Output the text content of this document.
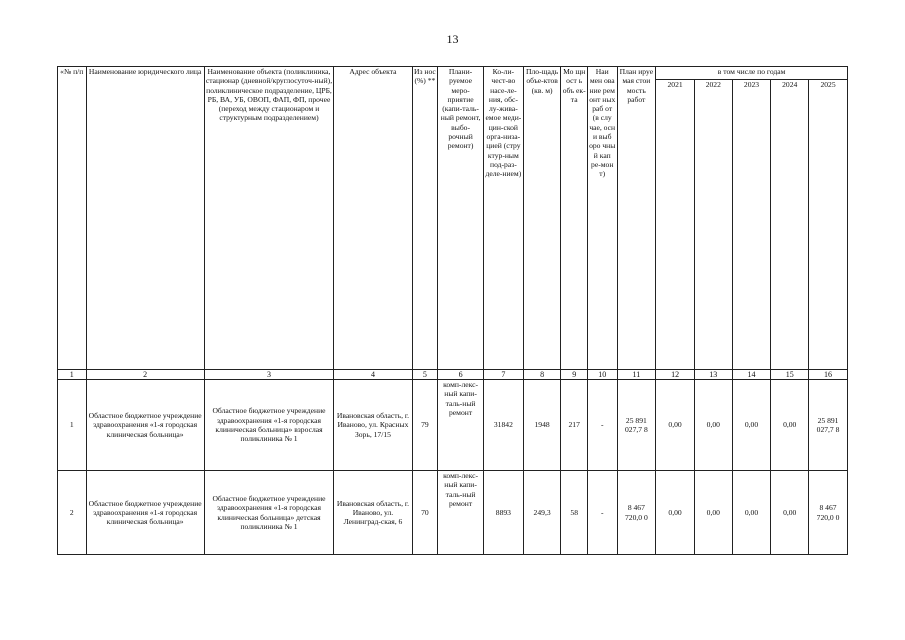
13
«№ п/п	Наименование юридического лица	Наименование объекта (поликлиника, стационар (дневной/круглосуточ-ный), поликлиническое подразделение, ЦРБ, РБ, ВА, УБ, ОВОП, ФАП, ФП, прочее (переход между стационаром и структурным подразделением)	Адрес объекта	Из нос (%) **	Плани-руемое меро-приятие (капи-таль-ный ремонт, выбо-рочный ремонт)	Ко-ли-чест-во насе-ле-ния, обс-лу-жива-емое меди-цин-ской орга-низа-цией (стру ктур-ным под-раз-деле-нием)	Пло-щадь объе-ктов (кв. м)	Мо щн ост ь объ ек-та	Наи мен ова ние рем онт ных раб от (в слу чае, осн и выб оро чны й кап ре-мон т)	План ируе мая стои мость работ	в том числе по годам				
											2021	2022	2023	2024	2025
1	2	3	4	5	6	7	8	9	10	11	12	13	14	15	16
1	Областное бюджетное учреждение здравоохранения «1-я городская клиническая больница»	Областное бюджетное учреждение здравоохранения «1-я городская клиническая больница» взрослая поликлиника № 1	Ивановская область, г. Иваново, ул. Красных Зорь, 17/15	79	комп-лекс-ный капи-таль-ный ремонт	31842	1948	217	-	25 891 027,7 8	0,00	0,00	0,00	0,00	25 891 027,7 8
2	Областное бюджетное учреждение здравоохранения «1-я городская клиническая больница»	Областное бюджетное учреждение здравоохранения «1-я городская клиническая больница» детская поликлиника № 1	Ивановская область, г. Иваново, ул. Ленинград-ская, 6	70	комп-лекс-ный капи-таль-ный ремонт	8893	249,3	58	-	8 467 720,0 0	0,00	0,00	0,00	0,00	8 467 720,0 0
